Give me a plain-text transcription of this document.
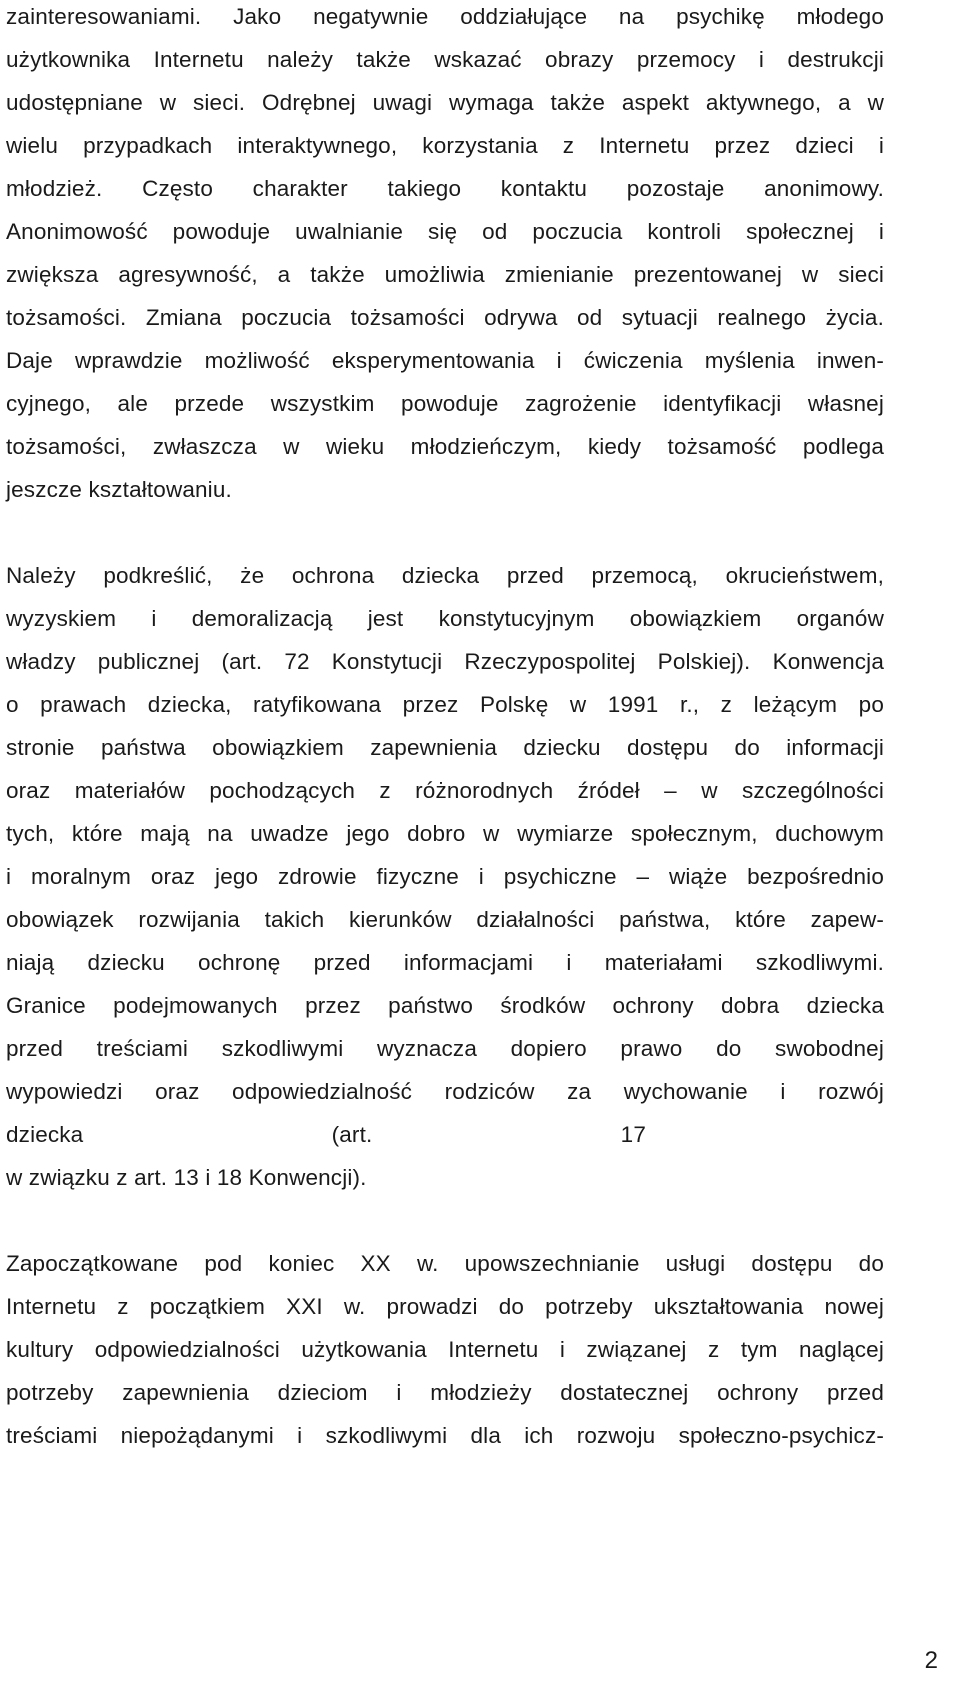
zainteresowaniami. Jako negatywnie oddziałujące na psychikę młodego
użytkownika Internetu należy także wskazać obrazy przemocy i destrukcji
udostępniane w sieci. Odrębnej uwagi wymaga także aspekt aktywnego, a w
wielu przypadkach interaktywnego, korzystania z Internetu przez dzieci i
młodzież. Często charakter takiego kontaktu pozostaje anonimowy.
Anonimowość powoduje uwalnianie się od poczucia kontroli społecznej i
zwiększa agresywność, a także umożliwia zmienianie prezentowanej w sieci
tożsamości. Zmiana poczucia tożsamości odrywa od sytuacji realnego życia.
Daje wprawdzie możliwość eksperymentowania i ćwiczenia myślenia inwen-
cyjnego, ale przede wszystkim powoduje zagrożenie identyfikacji własnej
tożsamości, zwłaszcza w wieku młodzieńczym, kiedy tożsamość podlega
jeszcze kształtowaniu.
Należy podkreślić, że ochrona dziecka przed przemocą, okrucieństwem,
wyzyskiem i demoralizacją jest konstytucyjnym obowiązkiem organów
władzy publicznej (art. 72 Konstytucji Rzeczypospolitej Polskiej). Konwencja
o prawach dziecka, ratyfikowana przez Polskę w 1991 r., z leżącym po
stronie państwa obowiązkiem zapewnienia dziecku dostępu do informacji
oraz materiałów pochodzących z różnorodnych źródeł – w szczególności
tych, które mają na uwadze jego dobro w wymiarze społecznym, duchowym
i moralnym oraz jego zdrowie fizyczne i psychiczne – wiąże bezpośrednio
obowiązek rozwijania takich kierunków działalności państwa, które zapew-
niają dziecku ochronę przed informacjami i materiałami szkodliwymi.
Granice podejmowanych przez państwo środków ochrony dobra dziecka
przed treściami szkodliwymi wyznacza dopiero prawo do swobodnej
wypowiedzi oraz odpowiedzialność rodziców za wychowanie i rozwój
dziecka (art. 17
w związku z art. 13 i 18 Konwencji).
Zapoczątkowane pod koniec XX w. upowszechnianie usługi dostępu do
Internetu z początkiem XXI w. prowadzi do potrzeby ukształtowania nowej
kultury odpowiedzialności użytkowania Internetu i związanej z tym naglącej
potrzeby zapewnienia dzieciom i młodzieży dostatecznej ochrony przed
treściami niepożądanymi i szkodliwymi dla ich rozwoju społeczno-psychicz-
2
